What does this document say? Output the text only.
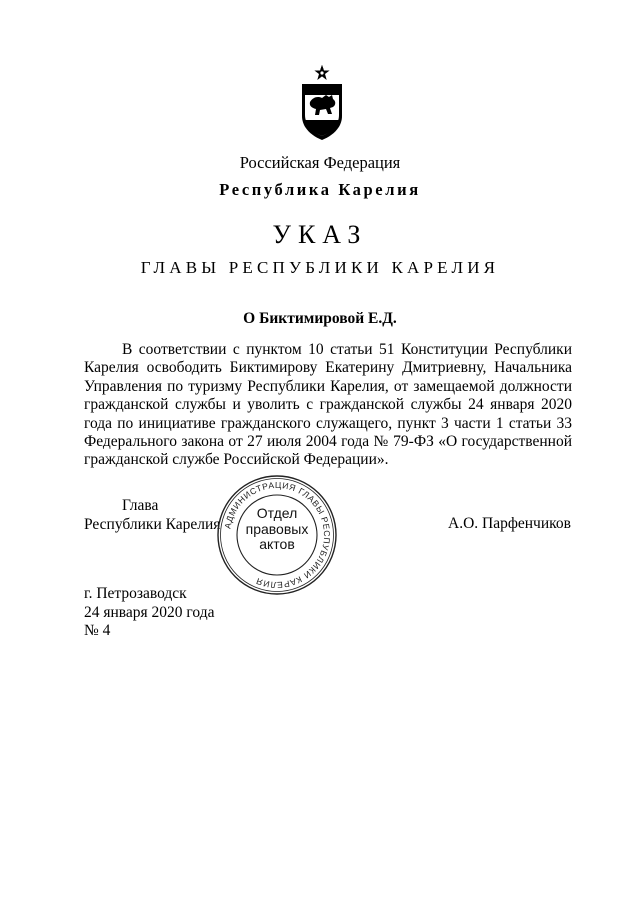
Российская Федерация
Республика Карелия
УКАЗ
ГЛАВЫ РЕСПУБЛИКИ КАРЕЛИЯ
О Биктимировой Е.Д.
В соответствии с пунктом 10 статьи 51 Конституции Республики Карелия освободить Биктимирову Екатерину Дмитриевну, Начальника Управления по туризму Республики Карелия, от замещаемой должности гражданской службы и уволить с гражданской службы 24 января 2020 года по инициативе гражданского служащего, пункт 3 части 1 статьи 33 Федерального закона от 27 июля 2004 года № 79-ФЗ «О государственной гражданской службе Российской Федерации».
Глава
Республики Карелия АДМИНИСТРАЦИЯ ГЛАВЫ РЕСПУБЛИКИ КАРЕЛИЯ
Отдел
правовых
актов
А.О. Парфенчиков
г. Петрозаводск
24 января 2020 года
№ 4
